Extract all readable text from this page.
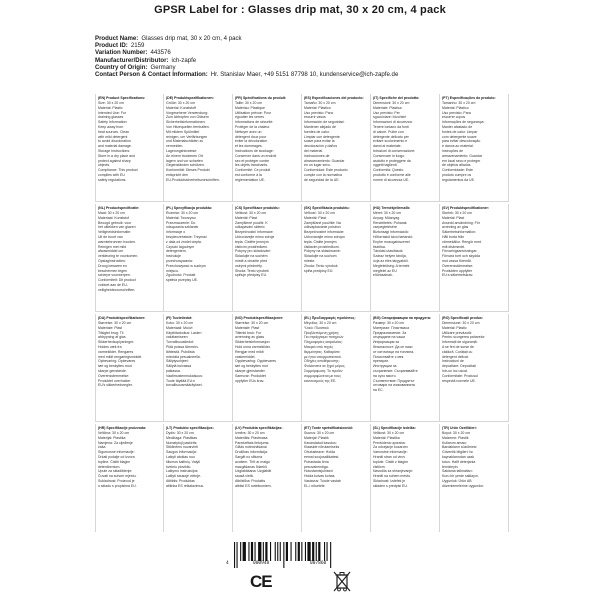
GPSR Label for : Glasses drip mat, 30 x 20 cm, 4 pack
Product Name: Glasses drip mat, 30 x 20 cm, 4 pack
Product ID: 2159
Variation Number: 443576
Manufacturer/Distributor: ich-zapfe
Country of Origin: Germany
Contact Person & Contact Information: Hr. Stanislav Maer, +49 5151 87798 10, kundenservice@ich-zapfe.de
(EN) Product Specifications:
Size: 30 x 20 cm
Material: Plastic
Intended Use: For
draining glasses
Safety Information:
Keep away from
heat sources. Clean
with mild detergent
to avoid discoloration
and material damage.
Storage Instructions:
Store in a dry place and
protect against sharp
objects.
Compliance: This product
complies with EU
safety regulations.
(DE) Produktspezifikationen:
Größe: 30 x 20 cm
Material: Kunststoff
Vorgesehene Verwendung:
Zum Abtropfen von Gläsern
Sicherheitsinformationen:
Von Hitzequellen fernhalten.
Mit mildem Spülmittel
reinigen, um Verfärbungen
und Materialschäden zu
vermeiden.
Lagerungshinweise:
An einem trockenen Ort
lagern und vor scharfen
Gegenständen schützen.
Konformität: Dieses Produkt
entspricht den
EU-Produktsicherheitsvorschriften.
(FR) Spécifications du produit:
Taille: 30 x 20 cm
Matériau: Plastique
Utilisation prévue: Pour
égoutter les verres
Informations de sécurité:
Protéger de la chaleur.
Nettoyer avec un
détergent doux pour
éviter la décoloration
et les dommages.
Instructions de stockage:
Conserver dans un endroit
sec et protéger contre
les objets tranchants.
Conformité: Ce produit
est conforme à la
réglementation UE.
(ES) Especificaciones del producto:
Tamaño: 30 x 20 cm
Material: Plástico
Uso previsto: Para
escurrir vasos
Información de seguridad:
Mantener alejado de
fuentes de calor.
Limpiar con detergente
suave para evitar la
decoloración y daños
del material.
Instrucciones de
almacenamiento: Guardar
en un lugar seco.
Conformidad: Este producto
cumple con la normativa
de seguridad de la UE.
(IT) Specifiche del prodotto:
Dimensioni: 30 x 20 cm
Materiale: Plastica
Uso previsto: Per
sgocciolare i bicchieri
Informazioni di sicurezza:
Tenere lontano da fonti
di calore. Pulire con
detergente delicato per
evitare scolorimento e
danni al materiale.
Istruzioni di conservazione:
Conservare in luogo
asciutto e proteggere da
oggetti taglienti.
Conformità: Questo
prodotto è conforme alle
norme di sicurezza UE.
(PT) Especificações do produto:
Tamanho: 30 x 20 cm
Material: Plástico
Uso previsto: Para
escorrer copos
Informações de segurança:
Manter afastado de
fontes de calor. Limpar
com detergente suave
para evitar descoloração
e danos ao material.
Instruções de
armazenamento: Guardar
em local seco e proteger
de objetos afiados.
Conformidade: Este
produto cumpre os
regulamentos da UE.
(NL) Productspecificatie:
Maat: 30 x 20 cm
Materiaal: Kunststof
Beoogd gebruik: voor
het uitlekken van glazen
Veiligheidsinformatie:
Uit de buurt van
warmtebronnen houden.
Reinigen met mild
afwasmiddel om
verkleuring te voorkomen.
Opslaginstructies:
Droog bewaren en
beschermen tegen
scherpe voorwerpen.
Conformiteit: Dit product
voldoet aan de EU-
veiligheidsvoorschriften.
(PL) Specyfikacja produktu:
Rozmiar: 30 x 20 cm
Materiał: Tworzywo
Przeznaczenie: Do
odsączania szklanek
Informacje o
bezpieczeństwie: Trzymać
z dala od źródeł ciepła.
Czyścić łagodnym
detergentem.
Instrukcje
przechowywania:
Przechowywać w suchym
miejscu.
Zgodność: Produkt
spełnia przepisy UE.
(CS) Specifikace produktu:
Velikost: 30 x 20 cm
Materiál: Plast
Zamýšlené použití: K
odkapávání sklenic
Bezpečnostní informace:
Uchovávejte mimo zdroje
tepla. Čistěte jemným
čisticím prostředkem.
Pokyny pro skladování:
Skladujte na suchém
místě a chraňte před
ostrými předměty.
Shoda: Tento výrobek
splňuje předpisy EU.
(SK) Špecifikácia produktu:
Veľkosť: 30 x 20 cm
Materiál: Plast
Zamýšľané použitie: Na
odkvapkávanie pohárov
Bezpečnostné informácie:
Uchovávajte mimo zdrojov
tepla. Čistite jemným
čistiacim prostriedkom.
Pokyny na skladovanie:
Skladujte na suchom
mieste.
Zhoda: Tento výrobok
spĺňa predpisy EÚ.
(HU) Termékjellemzők:
Méret: 30 x 20 cm
Anyag: Műanyag
Rendeltetés: Poharak
csepegtetésére
Biztonsági információk:
Hőforrástól távol tartandó.
Enyhe mosogatószerrel
tisztítsa.
Tárolási utasítások:
Száraz helyen tárolja,
óvja az éles tárgyaktól.
Megfelelőség: A termék
megfelel az EU
előírásainak.
(SV) Produktspecifikationer:
Storlek: 30 x 20 cm
Material: Plast
Avsedd användning: För
avrinning av glas
Säkerhetsinformation:
Håll borta från
värmekällor. Rengör med
milt diskmedel.
Förvaringsanvisningar:
Förvara torrt och skydda
mot vassa föremål.
Överensstämmelse:
Produkten uppfyller
EU:s säkerhetskrav.
(DA) Produktspecifikationer:
Størrelse: 30 x 20 cm
Materiale: Plast
Tilsigtet brug: Til
afdrypning af glas
Sikkerhedsoplysninger:
Holdes væk fra
varmekilder. Rengøres
med mildt rengøringsmiddel.
Opbevaring: Opbevares
tørt og beskyttes mod
skarpe genstande.
Overensstemmelse:
Produktet overholder
EU's sikkerhedsregler.
(FI) Tuotetiedot:
Koko: 30 x 20 cm
Materiaali: Muovi
Käyttötarkoitus: Lasien
valuttamiseen
Turvallisuustiedot:
Pidä poissa lämmön-
lähteistä. Puhdista
miedolla pesuaineella.
Säilytysohjeet:
Säilytä kuivassa
paikassa.
Vaatimustenmukaisuus:
Tuote täyttää EU:n
turvallisuusmääräykset.
(NO) Produktspesifikasjoner:
Størrelse: 30 x 20 cm
Materiale: Plast
Tiltenkt bruk: For
avrenning av glass
Sikkerhetsinformasjon:
Hold unna varmekilder.
Rengjør med mildt
vaskemiddel.
Oppbevaring: Oppbevares
tørt og beskyttes mot
skarpe gjenstander.
Samsvar: Produktet
oppfyller EUs krav.
(EL) Προδιαγραφές προϊόντος:
Μέγεθος: 30 x 20 cm
Υλικό: Πλαστικό
Προβλεπόμενη χρήση:
Για στράγγισμα ποτηριών
Πληροφορίες ασφαλείας:
Μακριά από πηγές
θερμότητας. Καθαρίστε
με ήπιο απορρυπαντικό.
Οδηγίες αποθήκευσης:
Φυλάσσετε σε ξηρό μέρος.
Συμμόρφωση: Το προϊόν
συμμορφώνεται με τους
κανονισμούς της ΕΕ.
(BG) Спецификации на продукта:
Размер: 30 x 20 cm
Материал: Пластмаса
Предназначение: За
отцеждане на чаши
Информация за
безопасност: Да се пази
от източници на топлина.
Почиствайте с мек
препарат.
Инструкции за
съхранение: Съхранявайте
на сухо място.
Съответствие: Продуктът
отговаря на изискванията
на ЕС.
(RO) Specificații produs:
Dimensiune: 30 x 20 cm
Material: Plastic
Utilizare prevăzută:
Pentru scurgerea paharelor
Informații de siguranță:
A se feri de surse de
căldură. Curățați cu
detergent delicat.
Instrucțiuni de
depozitare: Depozitați
într-un loc uscat.
Conformitate: Produsul
respectă normele UE.
(HR) Specifikacije proizvoda:
Veličina: 30 x 20 cm
Materijal: Plastika
Namjena: Za cijeđenje
čaša
Sigurnosne informacije:
Držati podalje od izvora
topline. Čistiti blagim
deterdžentom.
Upute za skladištenje:
Čuvati na suhom mjestu.
Sukladnost: Proizvod je
u skladu s propisima EU.
(LT) Produkto specifikacijos:
Dydis: 30 x 20 cm
Medžiaga: Plastikas
Numatytoji paskirtis:
Stiklinėms nuvarvinti
Saugos informacija:
Laikyti atokiau nuo
šilumos šaltinių. Valyti
švelniu plovikliu.
Laikymo instrukcijos:
Laikyti sausoje vietoje.
Atitiktis: Produktas
atitinka ES reikalavimus.
(LV) Produkta specifikācijas:
Izmērs: 30 x 20 cm
Materiāls: Plastmasa
Paredzētais lietojums:
Glāžu notecināšanai
Drošības informācija:
Sargāt no siltuma
avotiem. Tīrīt ar maigu
mazgāšanas līdzekli.
Uzglabāšana: Uzglabāt
sausā vietā.
Atbilstība: Produkts
atbilst ES noteikumiem.
(ET) Toote spetsifikatsioonid:
Suurus: 30 x 20 cm
Materjal: Plastik
Kavandatud kasutus:
Klaaside nõrutamiseks
Ohutusteave: Hoida
eemal soojusallikatest.
Puhastada õrna
pesuvahendiga.
Hoiustamisjuhised:
Hoida kuivas kohas.
Vastavus: Toode vastab
EL-i nõuetele.
(SL) Specifikacije izdelka:
Velikost: 30 x 20 cm
Material: Plastika
Predvidena uporaba:
Za odcejanje kozarcev
Varnostne informacije:
Hraniti stran od virov
toplote. Čistiti z blagim
čistilom.
Navodila za shranjevanje:
Hraniti na suhem mestu.
Skladnost: Izdelek je
skladen s predpisi EU.
(TR) Ürün Özellikleri:
Boyut: 30 x 20 cm
Malzeme: Plastik
Kullanım amacı:
Bardakların süzülmesi
Güvenlik bilgileri: Isı
kaynaklarından uzak
tutun. Hafif deterjanla
temizleyin.
Saklama talimatları:
Kuru bir yerde saklayın.
Uygunluk: Ürün AB
düzenlemelerine uygundur.
4	000948	007860
CE
